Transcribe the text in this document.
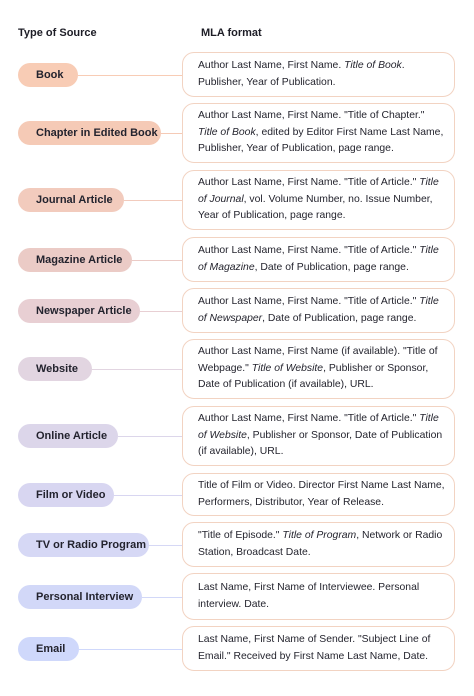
Type of Source	MLA format
Book
Author Last Name, First Name. Title of Book. Publisher, Year of Publication.
Chapter in Edited Book
Author Last Name, First Name. "Title of Chapter." Title of Book, edited by Editor First Name Last Name, Publisher, Year of Publication, page range.
Journal Article
Author Last Name, First Name. "Title of Article." Title of Journal, vol. Volume Number, no. Issue Number, Year of Publication, page range.
Magazine Article
Author Last Name, First Name. "Title of Article." Title of Magazine, Date of Publication, page range.
Newspaper Article
Author Last Name, First Name. "Title of Article." Title of Newspaper, Date of Publication, page range.
Website
Author Last Name, First Name (if available). "Title of Webpage." Title of Website, Publisher or Sponsor, Date of Publication (if available), URL.
Online Article
Author Last Name, First Name. "Title of Article." Title of Website, Publisher or Sponsor, Date of Publication (if available), URL.
Film or Video
Title of Film or Video. Director First Name Last Name, Performers, Distributor, Year of Release.
TV or Radio Program
"Title of Episode." Title of Program, Network or Radio Station, Broadcast Date.
Personal Interview
Last Name, First Name of Interviewee. Personal interview. Date.
Email
Last Name, First Name of Sender. "Subject Line of Email." Received by First Name Last Name, Date.
